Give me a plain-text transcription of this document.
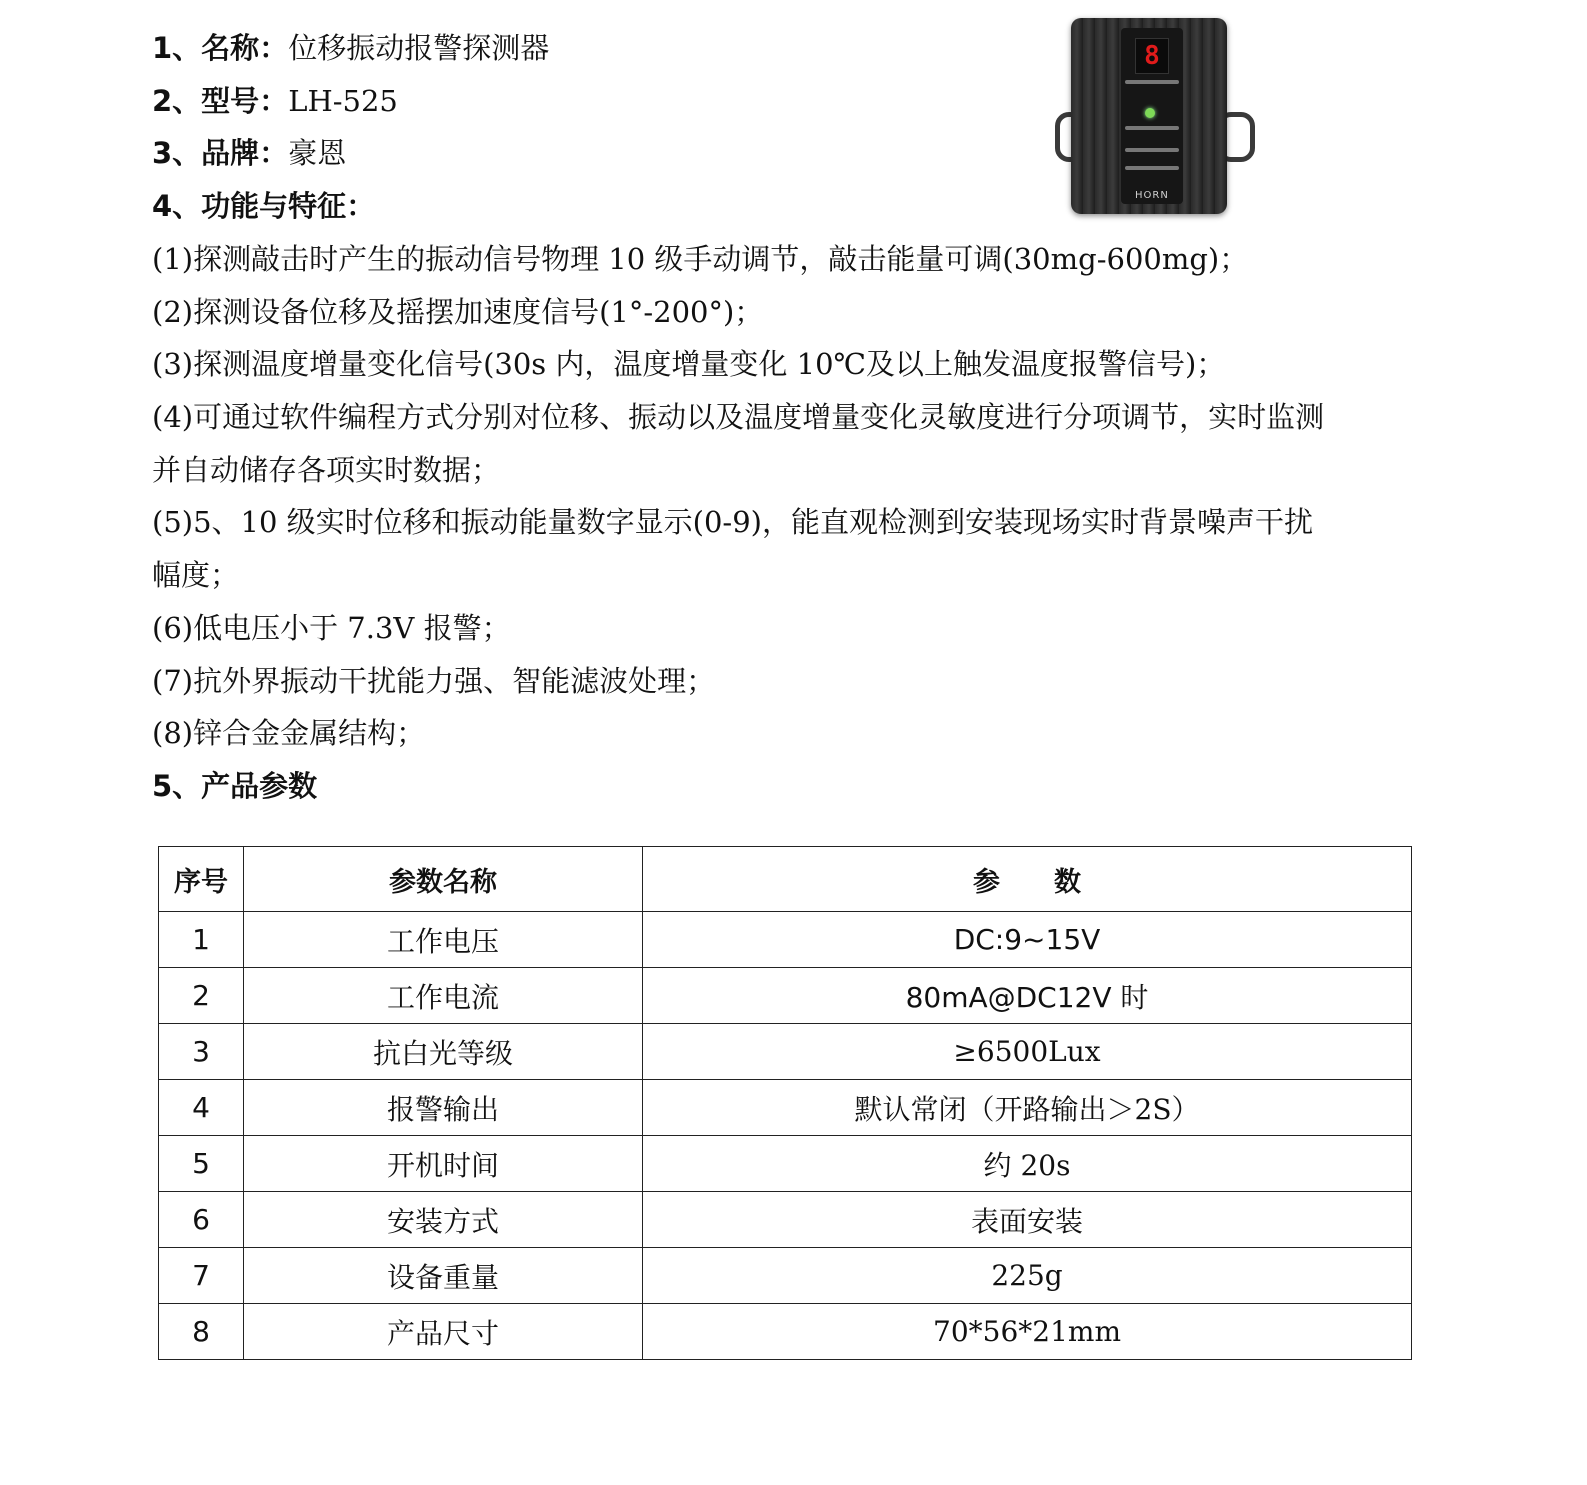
1、名称：位移振动报警探测器
2、型号：LH-525
3、品牌：豪恩
4、功能与特征：
(1)探测敲击时产生的振动信号物理 10 级手动调节，敲击能量可调(30mg-600mg)；
(2)探测设备位移及摇摆加速度信号(1°-200°)；
(3)探测温度增量变化信号(30s 内，温度增量变化 10℃及以上触发温度报警信号)；
(4)可通过软件编程方式分别对位移、振动以及温度增量变化灵敏度进行分项调节，实时监测
并自动储存各项实时数据；
(5)5、10 级实时位移和振动能量数字显示(0-9)，能直观检测到安装现场实时背景噪声干扰
幅度；
(6)低电压小于 7.3V 报警；
(7)抗外界振动干扰能力强、智能滤波处理；
(8)锌合金金属结构；
5、产品参数
8
HORN
序号	参数名称	参　　数
1	工作电压	DC:9~15V
2	工作电流	80mA@DC12V 时
3	抗白光等级	≥6500Lux
4	报警输出	默认常闭（开路输出＞2S）
5	开机时间	约 20s
6	安装方式	表面安装
7	设备重量	225g
8	产品尺寸	70*56*21mm
